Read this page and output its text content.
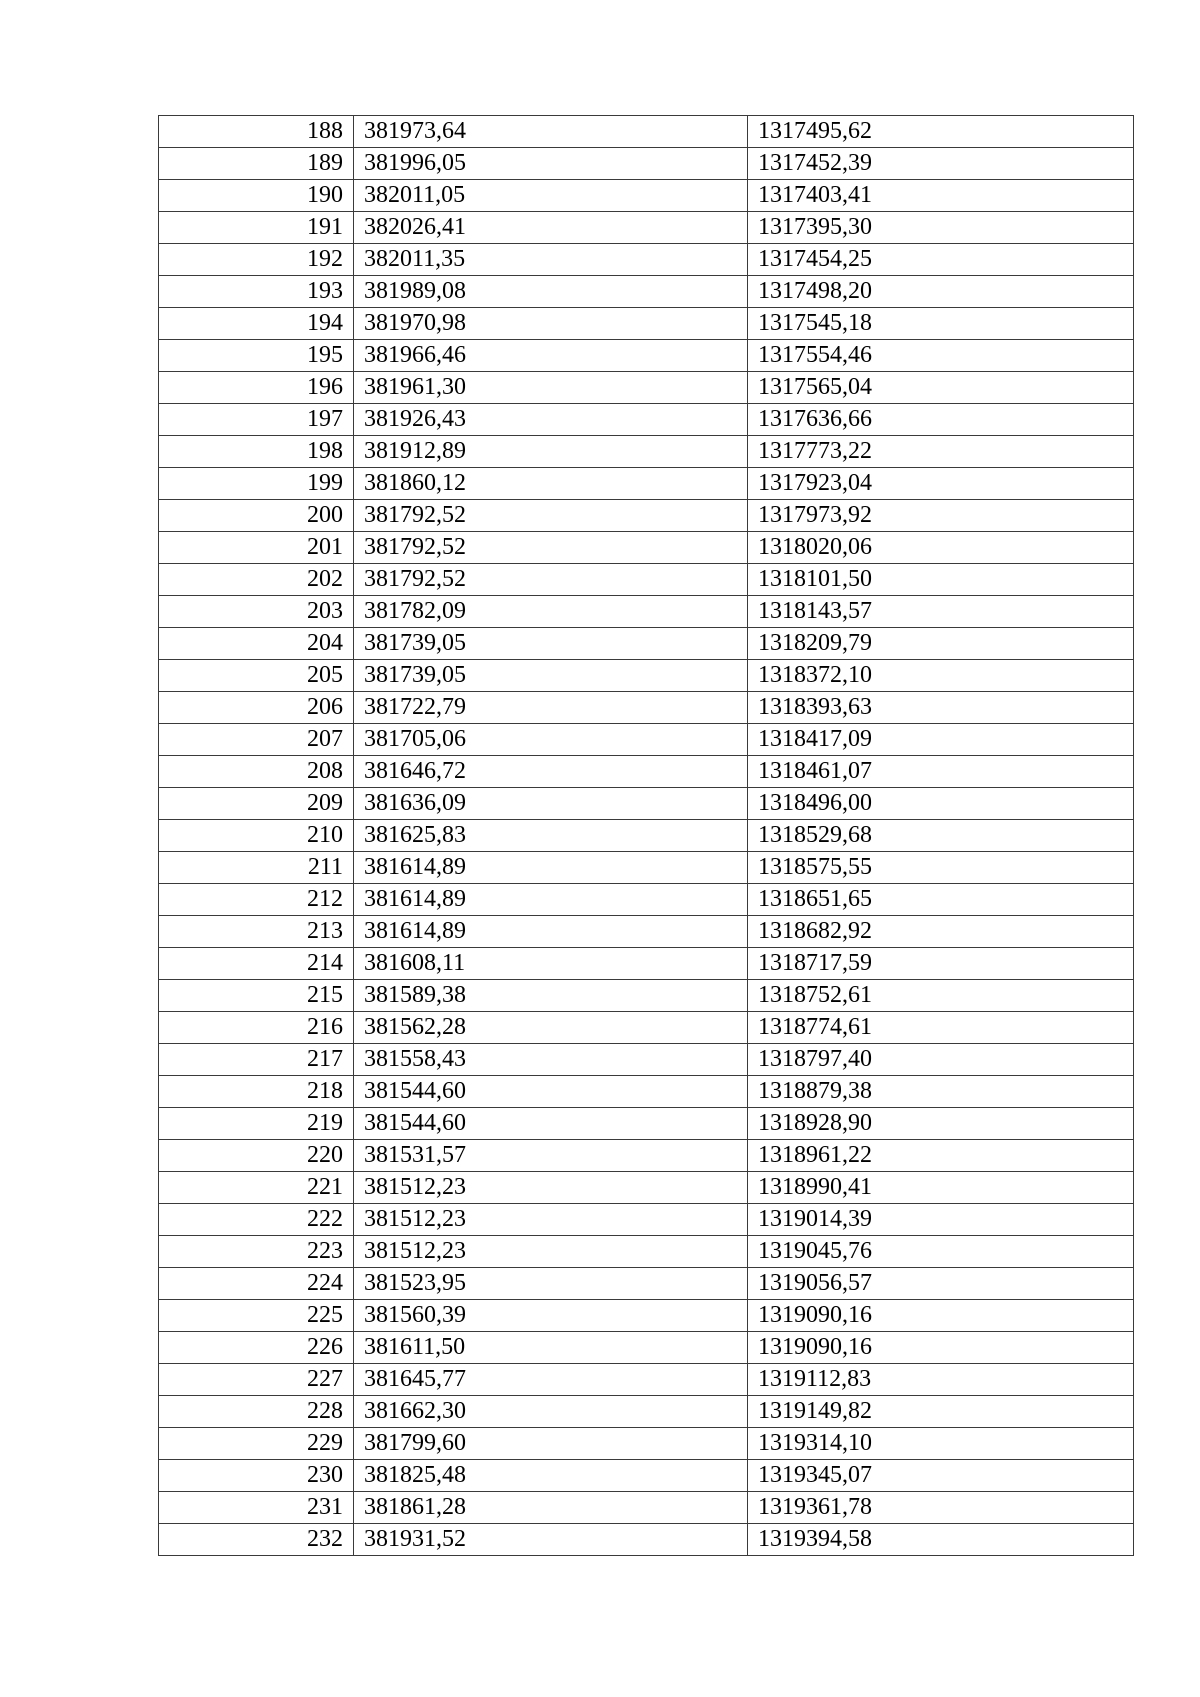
188	381973,64	1317495,62
189	381996,05	1317452,39
190	382011,05	1317403,41
191	382026,41	1317395,30
192	382011,35	1317454,25
193	381989,08	1317498,20
194	381970,98	1317545,18
195	381966,46	1317554,46
196	381961,30	1317565,04
197	381926,43	1317636,66
198	381912,89	1317773,22
199	381860,12	1317923,04
200	381792,52	1317973,92
201	381792,52	1318020,06
202	381792,52	1318101,50
203	381782,09	1318143,57
204	381739,05	1318209,79
205	381739,05	1318372,10
206	381722,79	1318393,63
207	381705,06	1318417,09
208	381646,72	1318461,07
209	381636,09	1318496,00
210	381625,83	1318529,68
211	381614,89	1318575,55
212	381614,89	1318651,65
213	381614,89	1318682,92
214	381608,11	1318717,59
215	381589,38	1318752,61
216	381562,28	1318774,61
217	381558,43	1318797,40
218	381544,60	1318879,38
219	381544,60	1318928,90
220	381531,57	1318961,22
221	381512,23	1318990,41
222	381512,23	1319014,39
223	381512,23	1319045,76
224	381523,95	1319056,57
225	381560,39	1319090,16
226	381611,50	1319090,16
227	381645,77	1319112,83
228	381662,30	1319149,82
229	381799,60	1319314,10
230	381825,48	1319345,07
231	381861,28	1319361,78
232	381931,52	1319394,58
